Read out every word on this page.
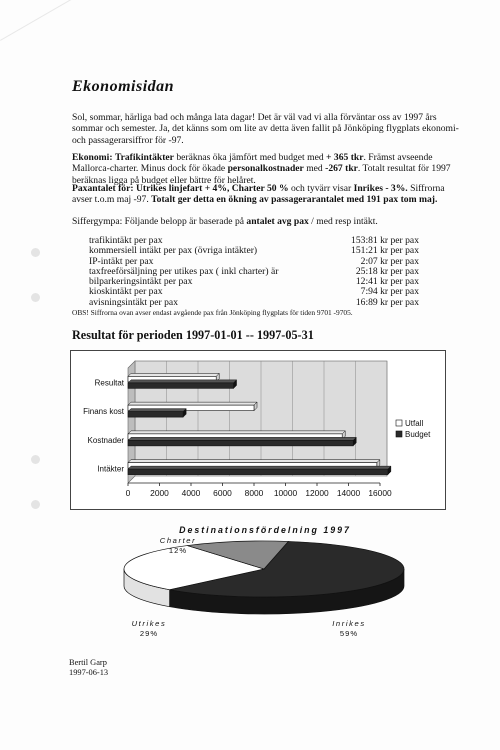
Ekonomisidan

Sol, sommar, härliga bad och många lata dagar! Det är väl vad vi alla förväntar oss av 1997 års sommar och semester. Ja, det känns som om lite av detta även fallit på Jönköping flygplats ekonomi- och passagerarsiffror för -97.

Ekonomi: Trafikintäkter beräknas öka jämfört med budget med + 365 tkr. Främst avseende Mallorca-charter. Minus dock för ökade personalkostnader med -267 tkr. Totalt resultat för 1997 beräknas ligga på budget eller bättre för helåret.

Paxantalet för: Utrikes linjefart + 4%, Charter 50 % och tyvärr visar Inrikes - 3%. Siffrorna avser t.o.m maj -97. Totalt ger detta en ökning av passagerarantalet med 191 pax tom maj.

Siffergympa: Följande belopp är baserade på antalet avg pax / med resp intäkt.

trafikintäkt per pax	153:81 kr per pax
kommersiell intäkt per pax (övriga intäkter)	151:21 kr per pax
IP-intäkt per pax	2:07 kr per pax
taxfreeförsäljning per utikes pax ( inkl charter) är	25:18 kr per pax
bilparkeringsintäkt per pax	12:41 kr per pax
kioskintäkt per pax	7:94 kr per pax
avisningsintäkt per pax	16:89 kr per pax
OBS! Siffrorna ovan avser endast avgående pax från Jönköping flygplats för tiden 9701 -9705.
Resultat för perioden 1997-01-01 -- 1997-05-31
0 2000 4000 6000 8000 10000 12000 14000 16000
Resultat
Finans kost
Kostnader
Intäkter
Utfall
Budget
Destinationsfördelning 1997
Inrikes
59%
Utrikes
29%
Charter
12%
Bertil Garp
1997-06-13
